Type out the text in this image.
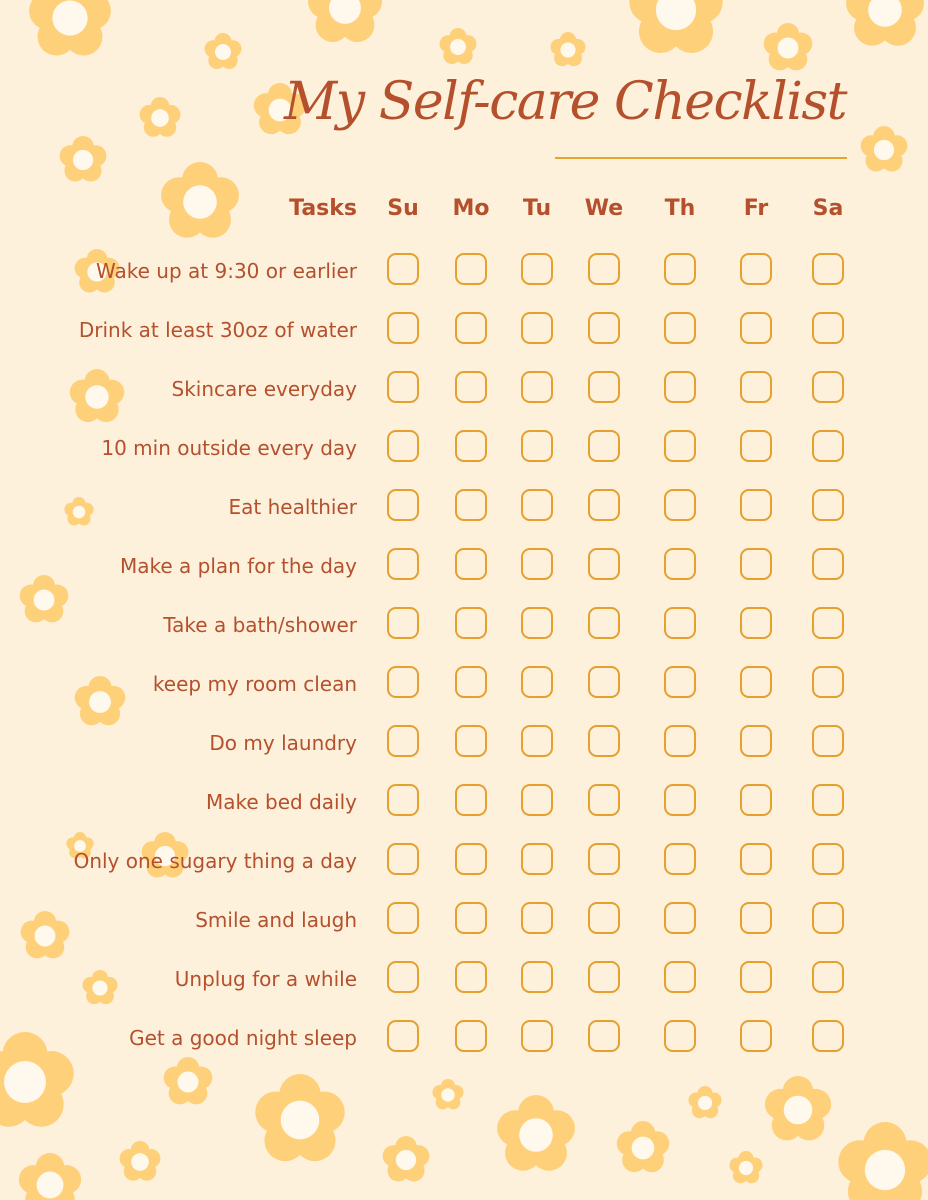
My Self-care Checklist
Tasks	Su	Mo	Tu	We	Th	Fr	Sa
Wake up at 9:30 or earlier
Drink at least 30oz of water
Skincare everyday
10 min outside every day
Eat healthier
Make a plan for the day
Take a bath/shower
keep my room clean
Do my laundry
Make bed daily
Only one sugary thing a day
Smile and laugh
Unplug for a while
Get a good night sleep
